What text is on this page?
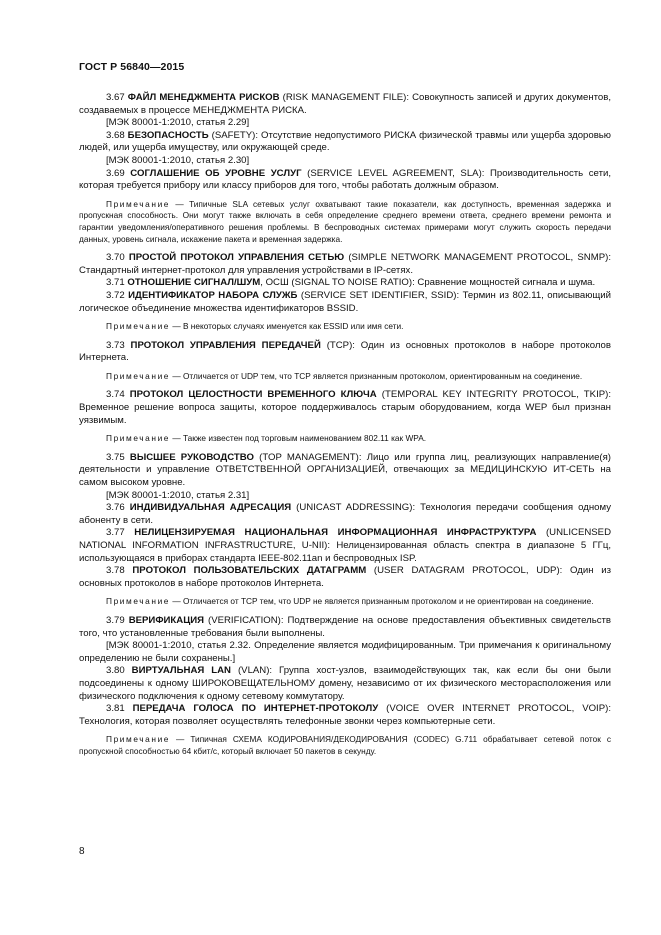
ГОСТ Р 56840—2015

3.67 ФАЙЛ МЕНЕДЖМЕНТА РИСКОВ (RISK MANAGEMENT FILE): Совокупность записей и других документов, создаваемых в процессе МЕНЕДЖМЕНТА РИСКА.

[МЭК 80001-1:2010, статья 2.29]

3.68 БЕЗОПАСНОСТЬ (SAFETY): Отсутствие недопустимого РИСКА физической травмы или ущерба здоровью людей, или ущерба имуществу, или окружающей среде.

[МЭК 80001-1:2010, статья 2.30]

3.69 СОГЛАШЕНИЕ ОБ УРОВНЕ УСЛУГ (SERVICE LEVEL AGREEMENT, SLA): Производительность сети, которая требуется прибору или классу приборов для того, чтобы работать должным образом.

Примечание — Типичные SLA сетевых услуг охватывают такие показатели, как доступность, временная задержка и пропускная способность. Они могут также включать в себя определение среднего времени ответа, среднего времени ремонта и гарантии уведомления/оперативного решения проблемы. В беспроводных системах примерами могут служить скорость передачи данных, уровень сигнала, искажение пакета и временная задержка.

3.70 ПРОСТОЙ ПРОТОКОЛ УПРАВЛЕНИЯ СЕТЬЮ (SIMPLE NETWORK MANAGEMENT PROTOCOL, SNMP): Стандартный интернет-протокол для управления устройствами в IP-сетях.

3.71 ОТНОШЕНИЕ СИГНАЛ/ШУМ, ОСШ (SIGNAL TO NOISE RATIO): Сравнение мощностей сигнала и шума.

3.72 ИДЕНТИФИКАТОР НАБОРА СЛУЖБ (SERVICE SET IDENTIFIER, SSID): Термин из 802.11, описывающий логическое объединение множества идентификаторов BSSID.

Примечание — В некоторых случаях именуется как ESSID или имя сети.

3.73 ПРОТОКОЛ УПРАВЛЕНИЯ ПЕРЕДАЧЕЙ (TCP): Один из основных протоколов в наборе протоколов Интернета.

Примечание — Отличается от UDP тем, что TCP является признанным протоколом, ориентированным на соединение.

3.74 ПРОТОКОЛ ЦЕЛОСТНОСТИ ВРЕМЕННОГО КЛЮЧА (TEMPORAL KEY INTEGRITY PROTOCOL, TKIP): Временное решение вопроса защиты, которое поддерживалось старым оборудованием, когда WEP был признан уязвимым.

Примечание — Также известен под торговым наименованием 802.11 как WPA.

3.75 ВЫСШЕЕ РУКОВОДСТВО (TOP MANAGEMENT): Лицо или группа лиц, реализующих направление(я) деятельности и управление ОТВЕТСТВЕННОЙ ОРГАНИЗАЦИЕЙ, отвечающих за МЕДИЦИНСКУЮ ИТ-СЕТЬ на самом высоком уровне.

[МЭК 80001-1:2010, статья 2.31]

3.76 ИНДИВИДУАЛЬНАЯ АДРЕСАЦИЯ (UNICAST ADDRESSING): Технология передачи сообщения одному абоненту в сети.

3.77 НЕЛИЦЕНЗИРУЕМАЯ НАЦИОНАЛЬНАЯ ИНФОРМАЦИОННАЯ ИНФРАСТРУКТУРА (UNLICENSED NATIONAL INFORMATION INFRASTRUCTURE, U-NII): Нелицензированная область спектра в диапазоне 5 ГГц, использующаяся в приборах стандарта IEEE-802.11an и беспроводных ISP.

3.78 ПРОТОКОЛ ПОЛЬЗОВАТЕЛЬСКИХ ДАТАГРАММ (USER DATAGRAM PROTOCOL, UDP): Один из основных протоколов в наборе протоколов Интернета.

Примечание — Отличается от TCP тем, что UDP не является признанным протоколом и не ориентирован на соединение.

3.79 ВЕРИФИКАЦИЯ (VERIFICATION): Подтверждение на основе предоставления объективных свидетельств того, что установленные требования были выполнены.

[МЭК 80001-1:2010, статья 2.32. Определение является модифицированным. Три примечания к оригинальному определению не были сохранены.]

3.80 ВИРТУАЛЬНАЯ LAN (VLAN): Группа хост-узлов, взаимодействующих так, как если бы они были подсоединены к одному ШИРОКОВЕЩАТЕЛЬНОМУ домену, независимо от их физического месторасположения или физического подключения к одному сетевому коммутатору.

3.81 ПЕРЕДАЧА ГОЛОСА ПО ИНТЕРНЕТ-ПРОТОКОЛУ (VOICE OVER INTERNET PROTOCOL, VOIP): Технология, которая позволяет осуществлять телефонные звонки через компьютерные сети.

Примечание — Типичная СХЕМА КОДИРОВАНИЯ/ДЕКОДИРОВАНИЯ (CODEC) G.711 обрабатывает сетевой поток с пропускной способностью 64 кбит/с, который включает 50 пакетов в секунду.

8
